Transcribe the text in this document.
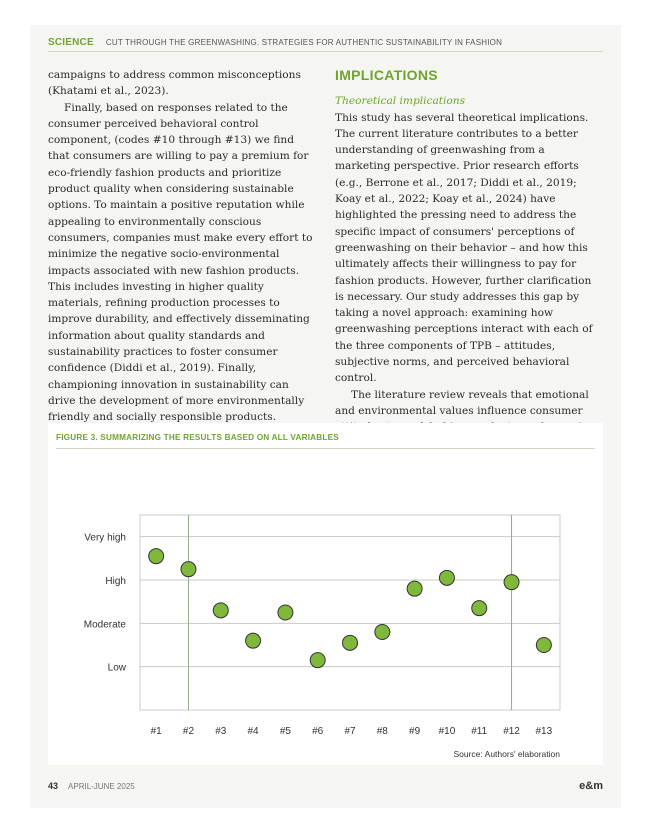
SCIENCE CUT THROUGH THE GREENWASHING. STRATEGIES FOR AUTHENTIC SUSTAINABILITY IN FASHION

campaigns to address common misconceptions (Khatami et al., 2023).

Finally, based on responses related to the consumer perceived behavioral control component, (codes #10 through #13) we find that consumers are willing to pay a premium for eco-friendly fashion products and prioritize product quality when considering sustainable options. To maintain a positive reputation while appealing to environmentally conscious consumers, companies must make every effort to minimize the negative socio-environmental impacts associated with new fashion products. This includes investing in higher quality materials, refining production processes to improve durability, and effectively disseminating information about quality standards and sustainability practices to foster consumer confidence (Diddi et al., 2019). Finally, championing innovation in sustainability can drive the development of more environmentally friendly and socially responsible products.

IMPLICATIONS
Theoretical implications

This study has several theoretical implications. The current literature contributes to a better understanding of greenwashing from a marketing perspective. Prior research efforts (e.g., Berrone et al., 2017; Diddi et al., 2019; Koay et al., 2022; Koay et al., 2024) have highlighted the pressing need to address the specific impact of consumers' perceptions of greenwashing on their behavior – and how this ultimately affects their willingness to pay for fashion products. However, further clarification is necessary. Our study addresses this gap by taking a novel approach: examining how greenwashing perceptions interact with each of the three components of TPB – attitudes, subjective norms, and perceived behavioral control.

The literature review reveals that emotional and environmental values influence consumer

FIGURE 3. SUMMARIZING THE RESULTS BASED ON ALL VARIABLES
Low
Moderate
High
Very high
#1 #2 #3 #4 #5 #6 #7 #8 #9 #10 #11 #12 #13
Source: Authors' elaboration
43 APRIL-JUNE 2025	e&m
